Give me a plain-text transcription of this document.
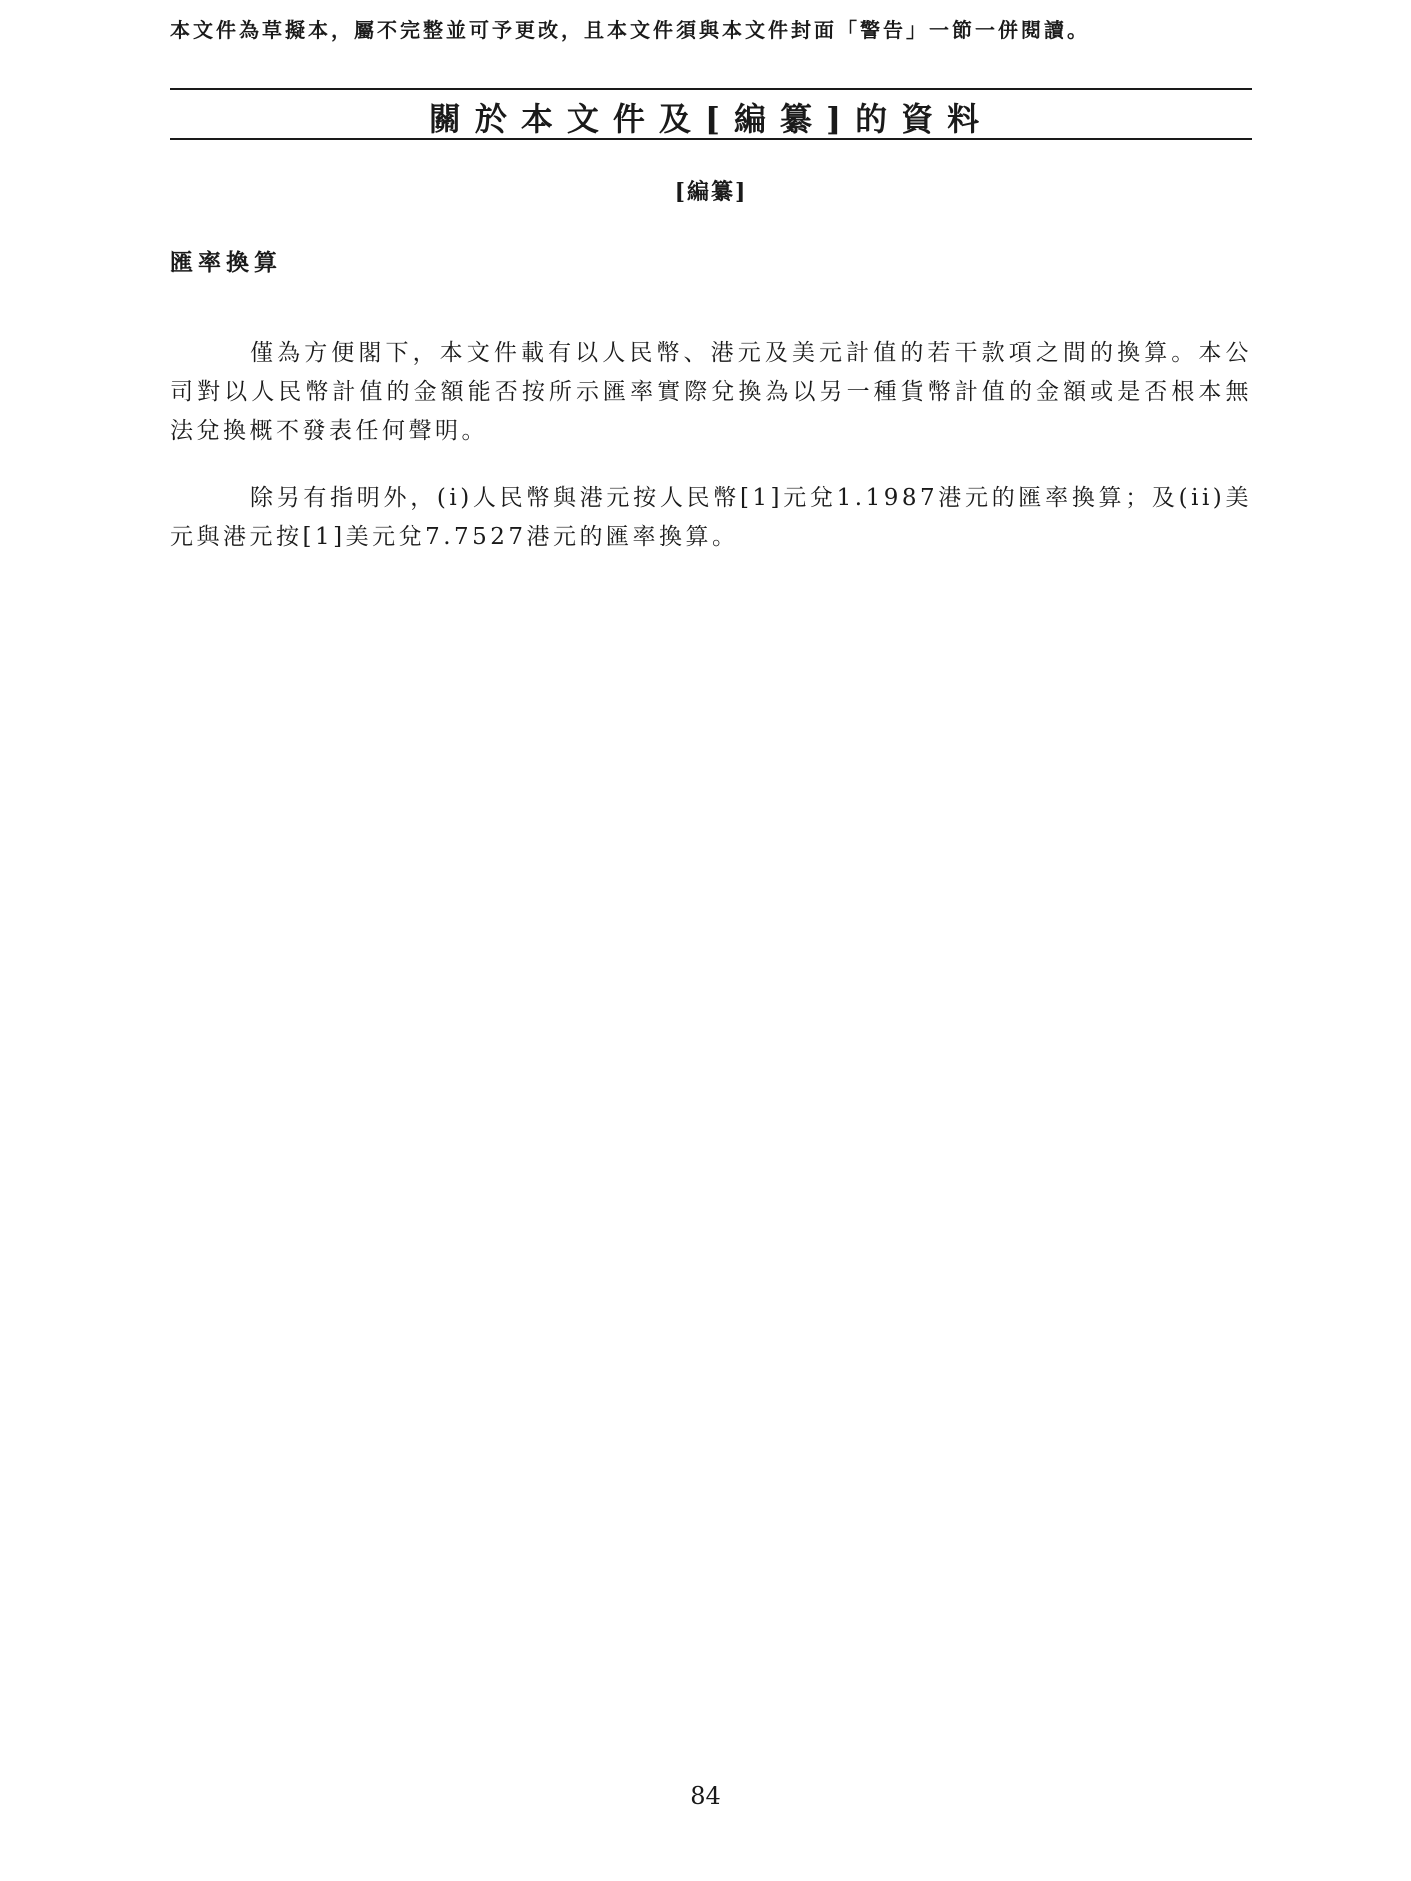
本文件為草擬本，屬不完整並可予更改，且本文件須與本文件封面「警告」一節一併閱讀。
關於本文件及[編纂]的資料
[編纂]
匯率換算

僅為方便閣下，本文件載有以人民幣、港元及美元計值的若干款項之間的換算。本公司對以人民幣計值的金額能否按所示匯率實際兌換為以另一種貨幣計值的金額或是否根本無法兌換概不發表任何聲明。

除另有指明外，(i)人民幣與港元按人民幣[1]元兌1.1987港元的匯率換算；及(ii)美元與港元按[1]美元兌7.7527港元的匯率換算。

84
